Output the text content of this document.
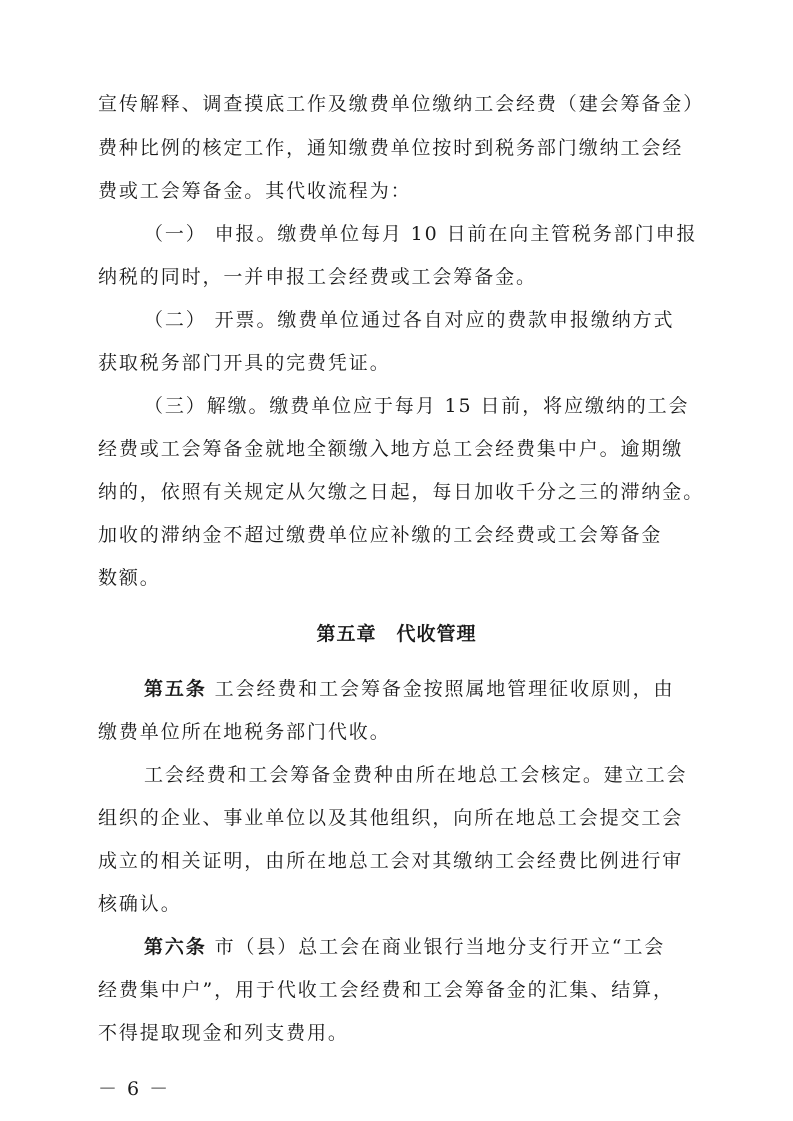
宣传解释、调查摸底工作及缴费单位缴纳工会经费（建会筹备金）
费种比例的核定工作，通知缴费单位按时到税务部门缴纳工会经
费或工会筹备金。其代收流程为：
（一） 申报。缴费单位每月 10 日前在向主管税务部门申报
纳税的同时，一并申报工会经费或工会筹备金。
（二） 开票。缴费单位通过各自对应的费款申报缴纳方式
获取税务部门开具的完费凭证。
（三）解缴。缴费单位应于每月 15 日前，将应缴纳的工会
经费或工会筹备金就地全额缴入地方总工会经费集中户。逾期缴
纳的，依照有关规定从欠缴之日起，每日加收千分之三的滞纳金。
加收的滞纳金不超过缴费单位应补缴的工会经费或工会筹备金
数额。
第五章　代收管理
第五条 工会经费和工会筹备金按照属地管理征收原则，由
缴费单位所在地税务部门代收。
工会经费和工会筹备金费种由所在地总工会核定。建立工会
组织的企业、事业单位以及其他组织，向所在地总工会提交工会
成立的相关证明，由所在地总工会对其缴纳工会经费比例进行审
核确认。
第六条 市（县）总工会在商业银行当地分支行开立“工会
经费集中户”，用于代收工会经费和工会筹备金的汇集、结算，
不得提取现金和列支费用。
－ 6 －
